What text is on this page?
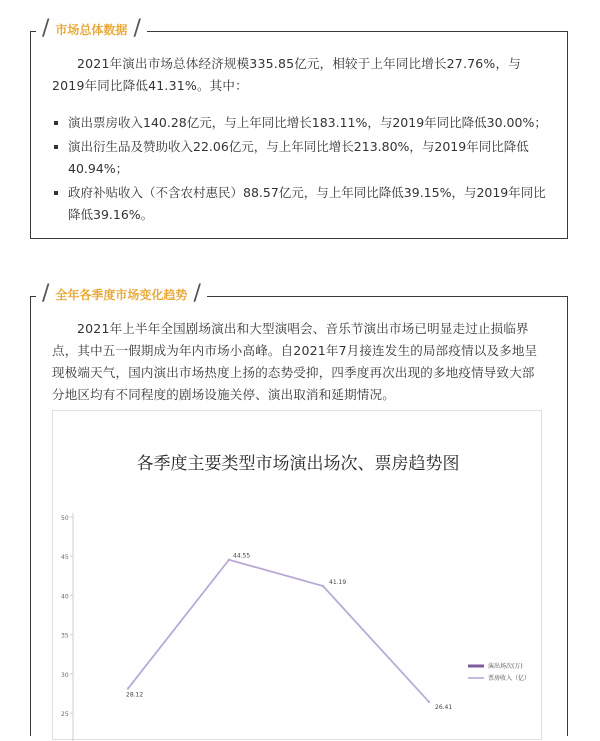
/ 市场总体数据 /
2021年演出市场总体经济规模335.85亿元，相较于上年同比增长27.76%，与2019年同比降低41.31%。其中：
演出票房收入140.28亿元，与上年同比增长183.11%，与2019年同比降低30.00%；
演出衍生品及赞助收入22.06亿元，与上年同比增长213.80%，与2019年同比降低40.94%；
政府补贴收入（不含农村惠民）88.57亿元，与上年同比降低39.15%，与2019年同比降低39.16%。
/ 全年各季度市场变化趋势 /
2021年上半年全国剧场演出和大型演唱会、音乐节演出市场已明显走过止损临界点，其中五一假期成为年内市场小高峰。自2021年7月接连发生的局部疫情以及多地呈现极端天气，国内演出市场热度上扬的态势受抑，四季度再次出现的多地疫情导致大部分地区均有不同程度的剧场设施关停、演出取消和延期情况。
各季度主要类型市场演出场次、票房趋势图
25
30
35
40
45
50
28.12
44.55
41.19
26.41
演出场次(万)
票房收入（亿）
